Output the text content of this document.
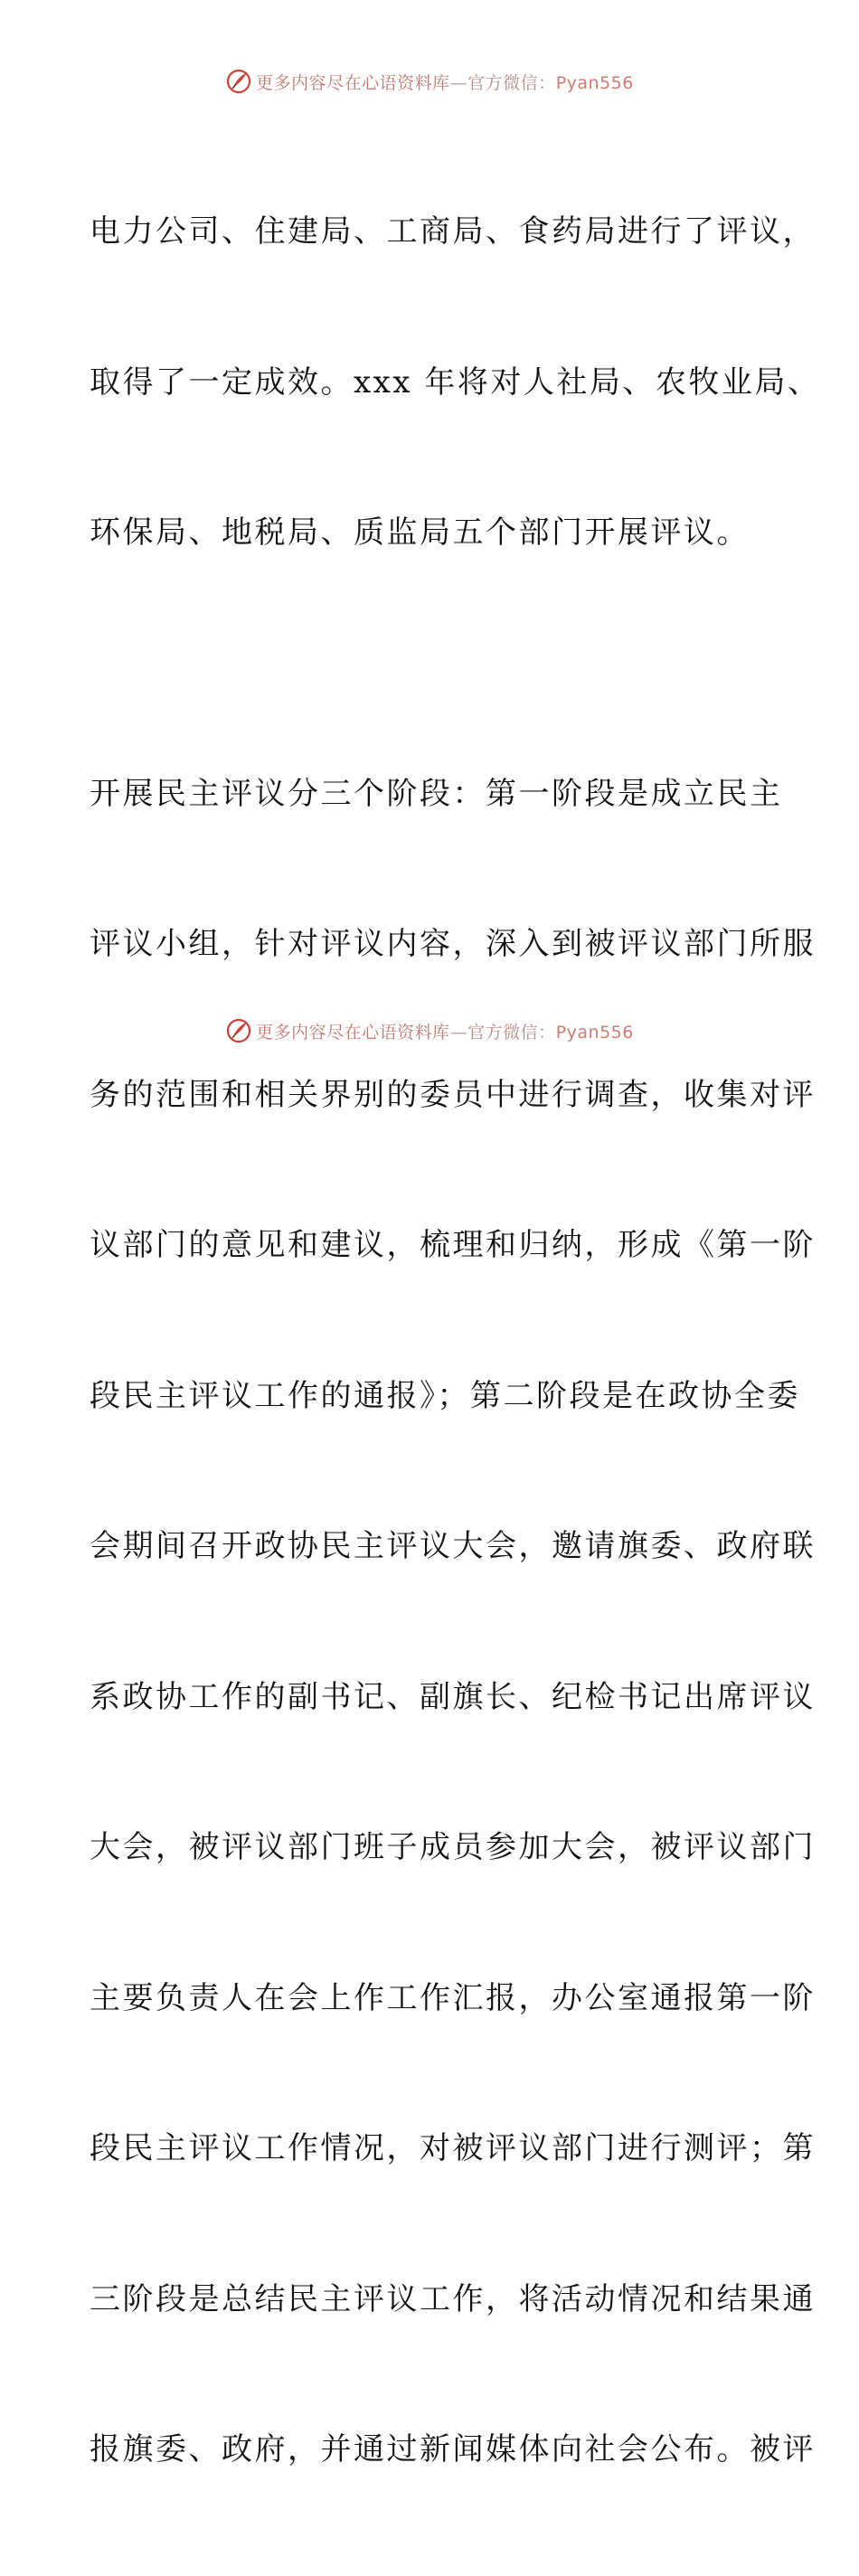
更多内容尽在心语资料库—官方微信：Pyan556

电力公司、住建局、工商局、食药局进行了评议，

取得了一定成效。xxx 年将对人社局、农牧业局、

环保局、地税局、质监局五个部门开展评议。

开展民主评议分三个阶段：第一阶段是成立民主

评议小组，针对评议内容，深入到被评议部门所服

务的范围和相关界别的委员中进行调查，收集对评

议部门的意见和建议，梳理和归纳，形成《第一阶

段民主评议工作的通报》；第二阶段是在政协全委

会期间召开政协民主评议大会，邀请旗委、政府联

系政协工作的副书记、副旗长、纪检书记出席评议

大会，被评议部门班子成员参加大会，被评议部门

主要负责人在会上作工作汇报，办公室通报第一阶

段民主评议工作情况，对被评议部门进行测评；第

三阶段是总结民主评议工作，将活动情况和结果通

报旗委、政府，并通过新闻媒体向社会公布。被评

更多内容尽在心语资料库—官方微信：Pyan556
